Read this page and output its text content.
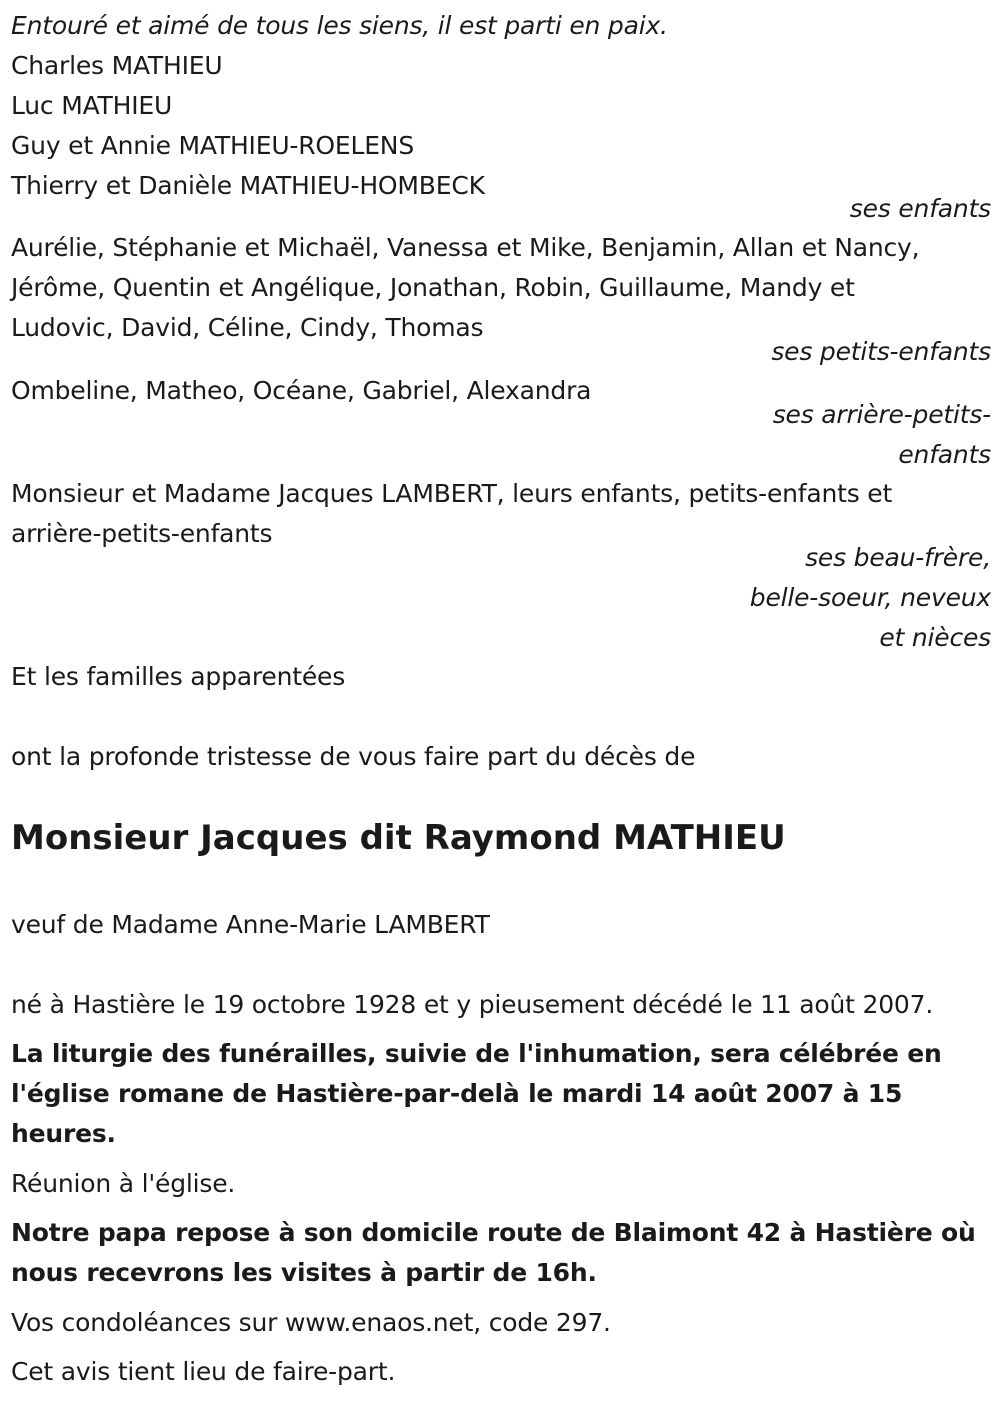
Entouré et aimé de tous les siens, il est parti en paix.
Charles MATHIEU
Luc MATHIEU
Guy et Annie MATHIEU-ROELENS
Thierry et Danièle MATHIEU-HOMBECK
ses enfants
Aurélie, Stéphanie et Michaël, Vanessa et Mike, Benjamin, Allan et Nancy,
Jérôme, Quentin et Angélique, Jonathan, Robin, Guillaume, Mandy et
Ludovic, David, Céline, Cindy, Thomas
ses petits-enfants
Ombeline, Matheo, Océane, Gabriel, Alexandra
ses arrière-petits-
enfants
Monsieur et Madame Jacques LAMBERT, leurs enfants, petits-enfants et
arrière-petits-enfants
ses beau-frère,
belle-soeur, neveux
et nièces
Et les familles apparentées
ont la profonde tristesse de vous faire part du décès de
Monsieur Jacques dit Raymond MATHIEU
veuf de Madame Anne-Marie LAMBERT
né à Hastière le 19 octobre 1928 et y pieusement décédé le 11 août 2007.
La liturgie des funérailles, suivie de l'inhumation, sera célébrée en
l'église romane de Hastière-par-delà le mardi 14 août 2007 à 15
heures.
Réunion à l'église.
Notre papa repose à son domicile route de Blaimont 42 à Hastière où
nous recevrons les visites à partir de 16h.
Vos condoléances sur www.enaos.net, code 297.
Cet avis tient lieu de faire-part.
